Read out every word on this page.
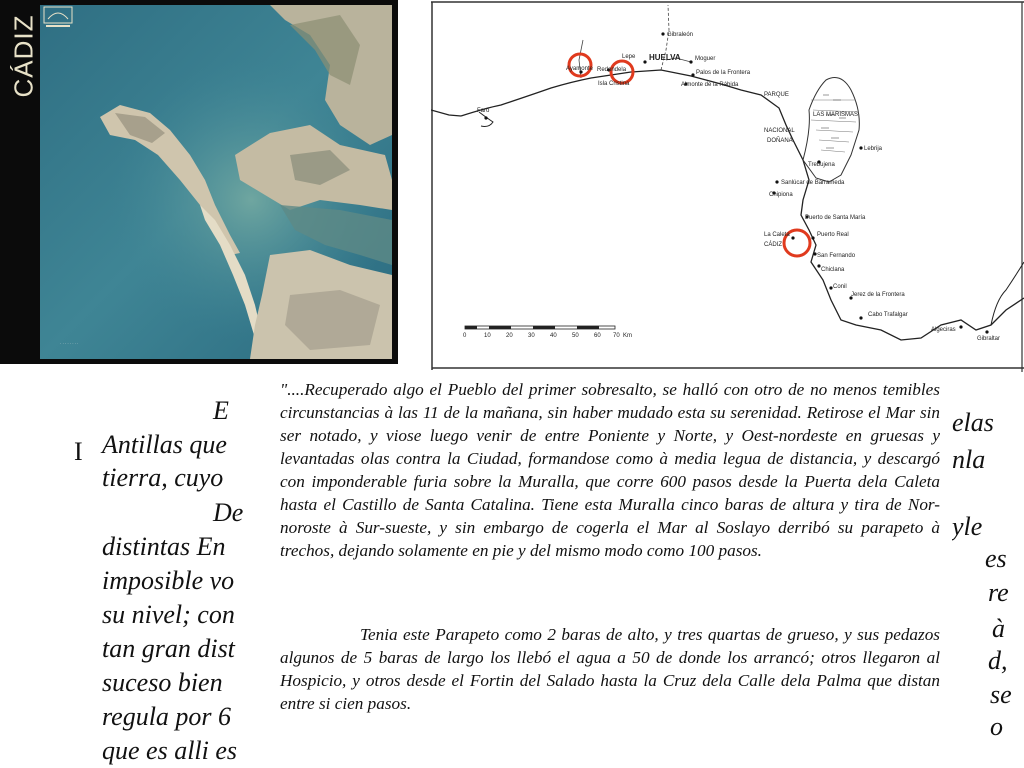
CÁDIZ
· · · · · · · ·
Gibraleón
Lepe HUELVA
Ayamonte Redondela
Isla Cristina
Moguer
Palos de la Frontera
Almonte de la Rábida
Faro
PARQUE
NACIONAL
DOÑANA
LAS MARISMAS
Lebrija
Trebujena
Sanlúcar de Barrameda
Chipiona
Puerto de Santa María
La Caleta
CÁDIZ
Puerto Real
San Fernando
Chiclana
Conil
Jerez de la Frontera
Cabo Trafalgar
Algeciras
Gibraltar
0	10	20	30	40	50	60 70 Km
E
I Antillas que
tierra, cuyo
De
distintas En
imposible vo
su nivel; con
tan gran dist
suceso bien
regula por 6
que es alli es
elas
nla
yle
es
re
à
d,
se
o

"....Recuperado algo el Pueblo del primer sobresalto, se halló con otro de no menos temibles circunstancias à las 11 de la mañana, sin haber mudado esta su serenidad. Retirose el Mar sin ser notado, y viose luego venir de entre Poniente y Norte, y Oest-nordeste en gruesas y levantadas olas contra la Ciudad, formandose como à media legua de distancia, y descargó con imponderable furia sobre la Muralla, que corre 600 pasos desde la Puerta dela Caleta hasta el Castillo de Santa Catalina. Tiene esta Muralla cinco baras de altura y tira de Nor-noroste à Sur-sueste, y sin embargo de cogerla el Mar al Soslayo derribó su parapeto à trechos, dejando solamente en pie y del mismo modo como 100 pasos.

Tenia este Parapeto como 2 baras de alto, y tres quartas de grueso, y sus pedazos algunos de 5 baras de largo los llebó el agua a 50 de donde los arrancó; otros llegaron al Hospicio, y otros desde el Fortin del Salado hasta la Cruz dela Calle dela Palma que distan entre si cien pasos.
